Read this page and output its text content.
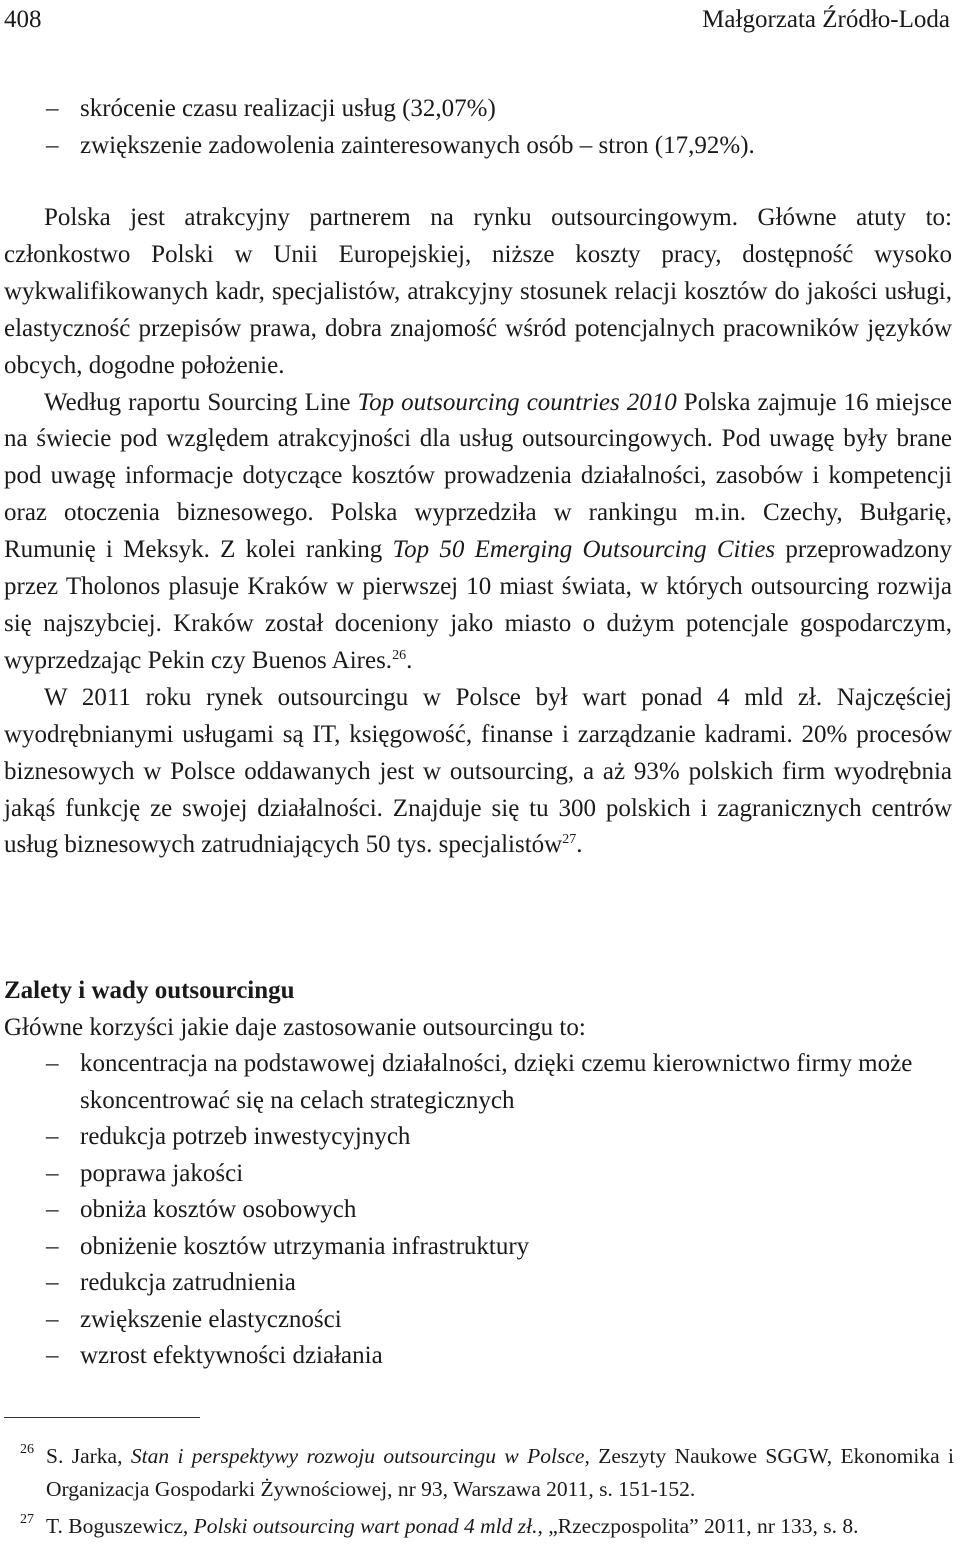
408	Małgorzata Źródło-Loda
– skrócenie czasu realizacji usług (32,07%)
– zwiększenie zadowolenia zainteresowanych osób – stron (17,92%).

Polska jest atrakcyjny partnerem na rynku outsourcingowym. Główne atuty to: członkostwo Polski w Unii Europejskiej, niższe koszty pracy, dostępność wysoko wykwalifikowanych kadr, specjalistów, atrakcyjny stosunek relacji kosztów do jakości usługi, elastyczność przepisów prawa, dobra znajomość wśród potencjalnych pracowników języków obcych, dogodne położenie.

Według raportu Sourcing Line Top outsourcing countries 2010 Polska zajmuje 16 miejsce na świecie pod względem atrakcyjności dla usług outsourcingowych. Pod uwagę były brane pod uwagę informacje dotyczące kosztów prowadzenia działalności, zasobów i kompetencji oraz otoczenia biznesowego. Polska wyprzedziła w rankingu m.in. Czechy, Bułgarię, Rumunię i Meksyk. Z kolei ranking Top 50 Emerging Outsourcing Cities przeprowadzony przez Tholonos plasuje Kraków w pierwszej 10 miast świata, w których outsourcing rozwija się najszybciej. Kraków został doceniony jako miasto o dużym potencjale gospodarczym, wyprzedzając Pekin czy Buenos Aires.$^{26}$.

W 2011 roku rynek outsourcingu w Polsce był wart ponad 4 mld zł. Najczęściej wyodrębnianymi usługami są IT, księgowość, finanse i zarządzanie kadrami. 20% procesów biznesowych w Polsce oddawanych jest w outsourcing, a aż 93% polskich firm wyodrębnia jakąś funkcję ze swojej działalności. Znajduje się tu 300 polskich i zagranicznych centrów usług biznesowych zatrudniających 50 tys. specjalistów$^{27}$.

Zalety i wady outsourcingu

Główne korzyści jakie daje zastosowanie outsourcingu to:

– koncentracja na podstawowej działalności, dzięki czemu kierownictwo firmy może skoncentrować się na celach strategicznych
– redukcja potrzeb inwestycyjnych
– poprawa jakości
– obniża kosztów osobowych
– obniżenie kosztów utrzymania infrastruktury
– redukcja zatrudnienia
– zwiększenie elastyczności
– wzrost efektywności działania
26 S. Jarka, Stan i perspektywy rozwoju outsourcingu w Polsce, Zeszyty Naukowe SGGW, Ekonomika i Organizacja Gospodarki Żywnościowej, nr 93, Warszawa 2011, s. 151-152.
27 T. Boguszewicz, Polski outsourcing wart ponad 4 mld zł., „Rzeczpospolita” 2011, nr 133, s. 8.
